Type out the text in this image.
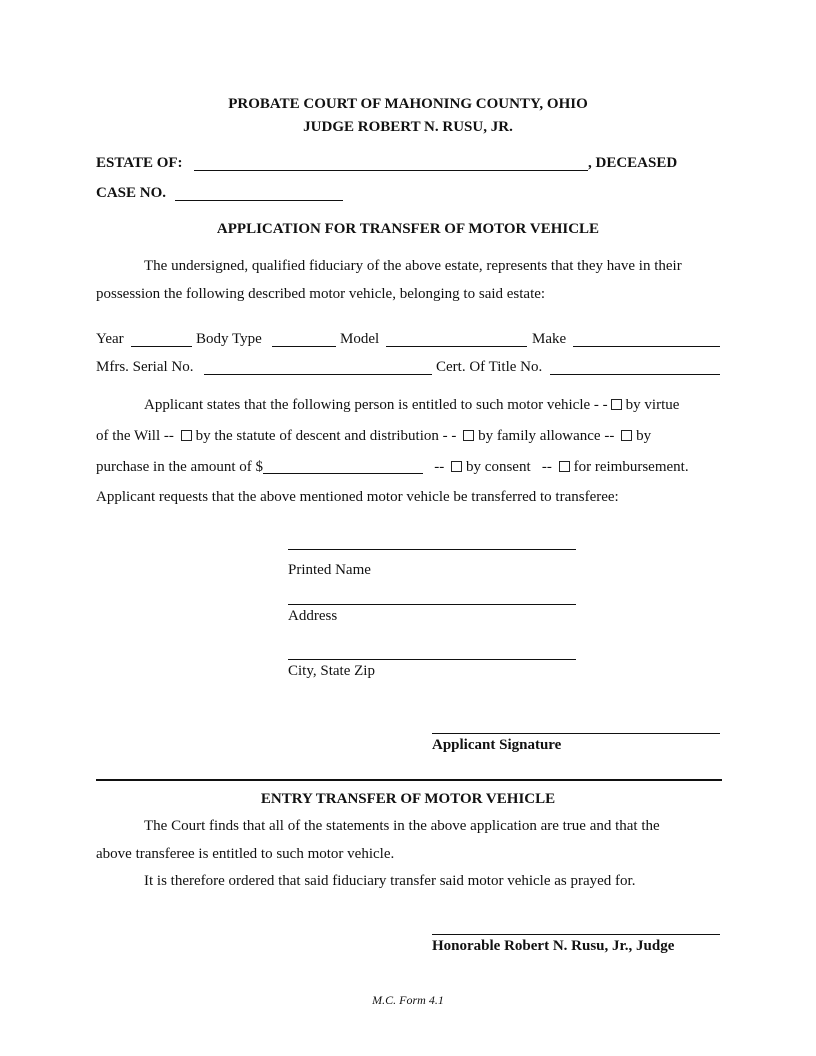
PROBATE COURT OF MAHONING COUNTY, OHIO
JUDGE ROBERT N. RUSU, JR.
ESTATE OF:	, DECEASED
CASE NO.
APPLICATION FOR TRANSFER OF MOTOR VEHICLE
The undersigned, qualified fiduciary of the above estate, represents that they have in their
possession the following described motor vehicle, belonging to said estate:
Year	Body Type	Model	Make
Mfrs. Serial No.	Cert. Of Title No.
Applicant states that the following person is entitled to such motor vehicle - - by virtue
of the Will -- by the statute of descent and distribution - - by family allowance -- by
purchase in the amount of $	-- by consent -- for reimbursement.
Applicant requests that the above mentioned motor vehicle be transferred to transferee:
Printed Name
Address
City, State Zip
Applicant Signature
ENTRY TRANSFER OF MOTOR VEHICLE
The Court finds that all of the statements in the above application are true and that the
above transferee is entitled to such motor vehicle.
It is therefore ordered that said fiduciary transfer said motor vehicle as prayed for.
Honorable Robert N. Rusu, Jr., Judge
M.C. Form 4.1
